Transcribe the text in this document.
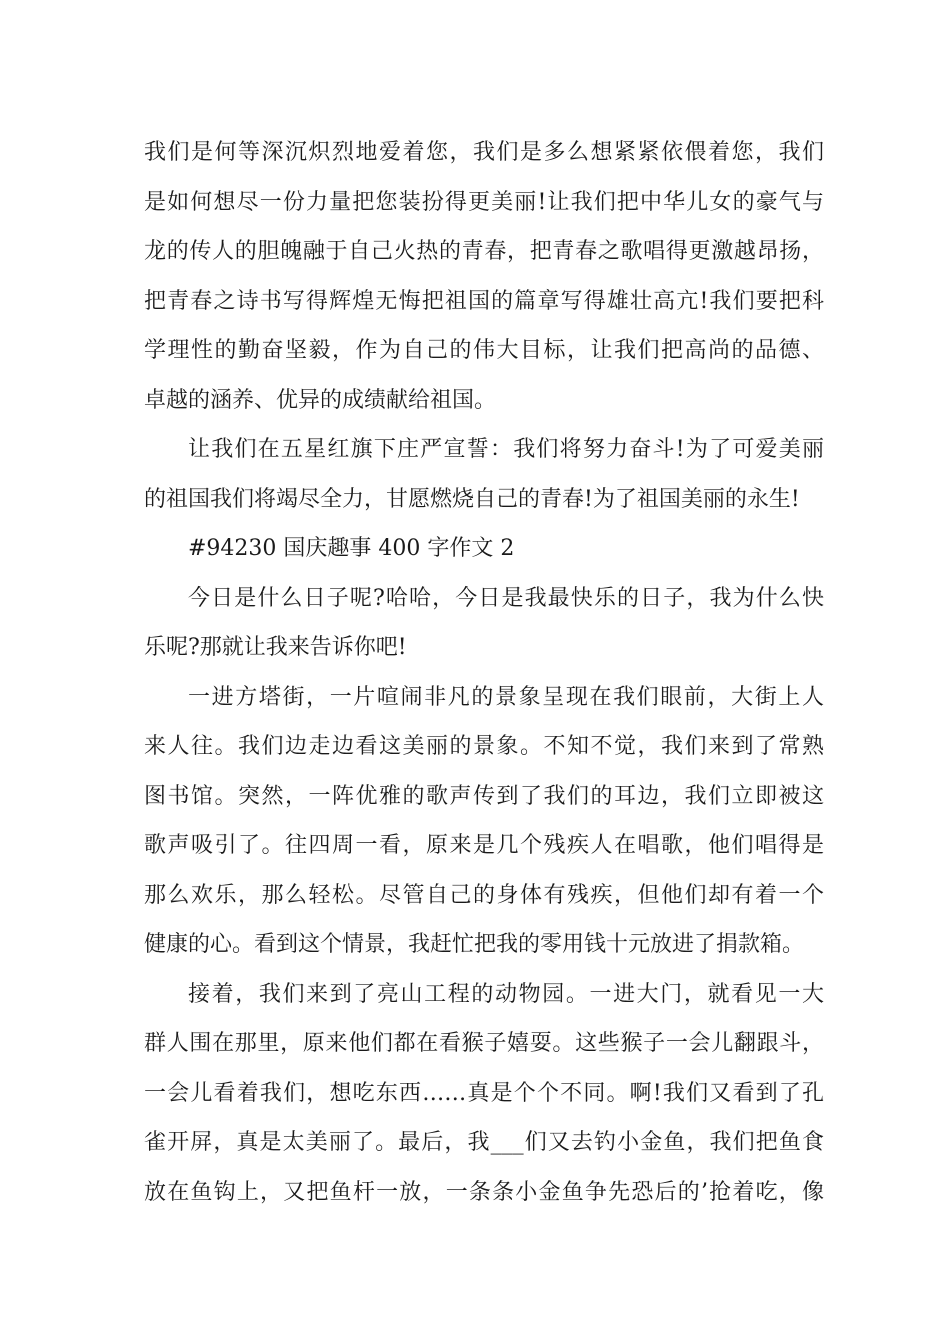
我们是何等深沉炽烈地爱着您，我们是多么想紧紧依偎着您，我们
是如何想尽一份力量把您装扮得更美丽!让我们把中华儿女的豪气与
龙的传人的胆魄融于自己火热的青春，把青春之歌唱得更激越昂扬，
把青春之诗书写得辉煌无悔把祖国的篇章写得雄壮高亢!我们要把科
学理性的勤奋坚毅，作为自己的伟大目标，让我们把高尚的品德、
卓越的涵养、优异的成绩献给祖国。
让我们在五星红旗下庄严宣誓：我们将努力奋斗!为了可爱美丽
的祖国我们将竭尽全力，甘愿燃烧自己的青春!为了祖国美丽的永生!
#94230 国庆趣事 400 字作文 2
今日是什么日子呢?哈哈，今日是我最快乐的日子，我为什么快
乐呢?那就让我来告诉你吧!
一进方塔街，一片喧闹非凡的景象呈现在我们眼前，大街上人
来人往。我们边走边看这美丽的景象。不知不觉，我们来到了常熟
图书馆。突然，一阵优雅的歌声传到了我们的耳边，我们立即被这
歌声吸引了。往四周一看，原来是几个残疾人在唱歌，他们唱得是
那么欢乐，那么轻松。尽管自己的身体有残疾，但他们却有着一个
健康的心。看到这个情景，我赶忙把我的零用钱十元放进了捐款箱。
接着，我们来到了亮山工程的动物园。一进大门，就看见一大
群人围在那里，原来他们都在看猴子嬉耍。这些猴子一会儿翻跟斗，
一会儿看着我们，想吃东西……真是个个不同。啊!我们又看到了孔
雀开屏，真是太美丽了。最后，我___们又去钓小金鱼，我们把鱼食
放在鱼钩上，又把鱼杆一放，一条条小金鱼争先恐后的’抢着吃，像
